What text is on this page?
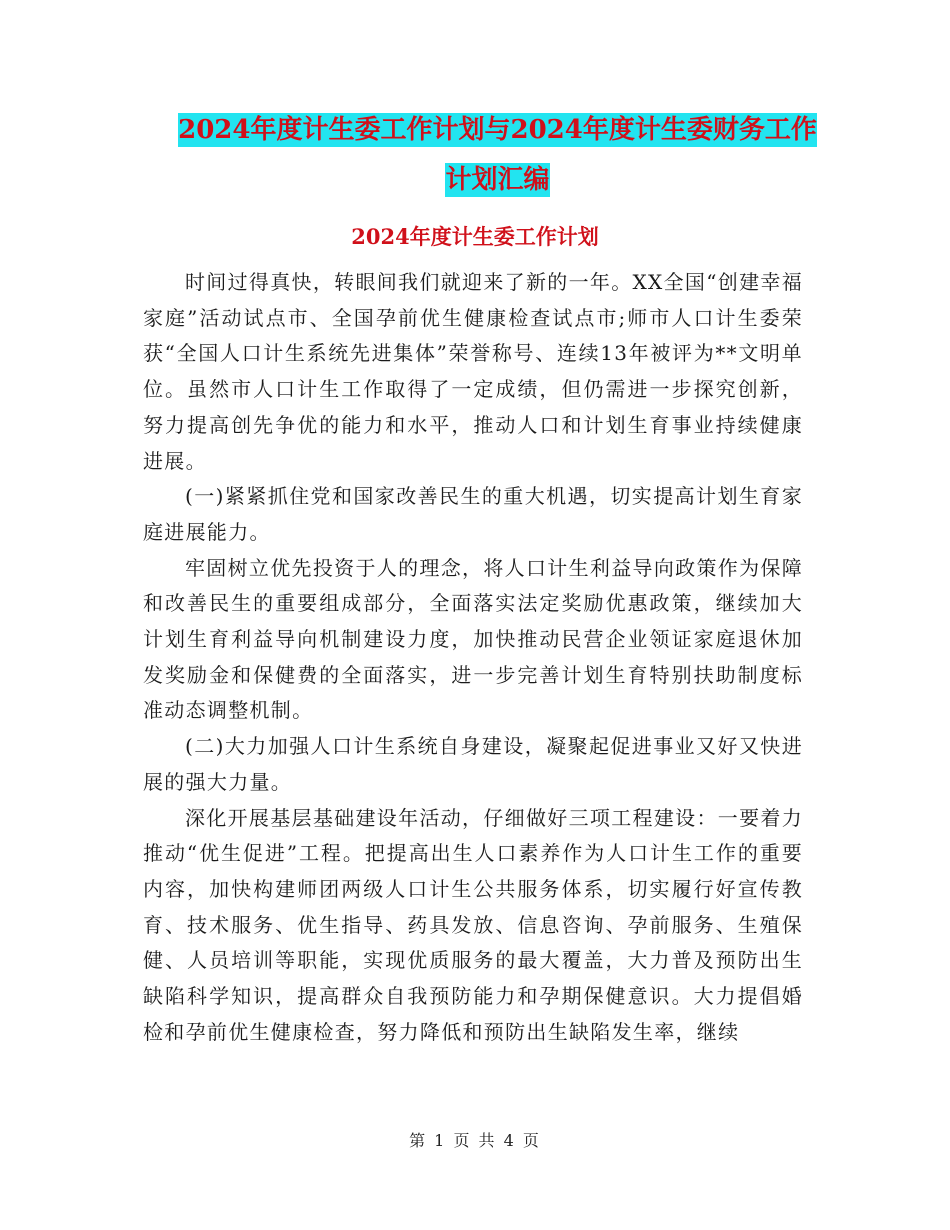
2024年度计生委工作计划与2024年度计生委财务工作
计划汇编
2024年度计生委工作计划

时间过得真快，转眼间我们就迎来了新的一年。XX全国“创建幸福家庭”活动试点市、全国孕前优生健康检查试点市;师市人口计生委荣获“全国人口计生系统先进集体”荣誉称号、连续13年被评为**文明单位。虽然市人口计生工作取得了一定成绩，但仍需进一步探究创新，努力提高创先争优的能力和水平，推动人口和计划生育事业持续健康进展。

(一)紧紧抓住党和国家改善民生的重大机遇，切实提高计划生育家庭进展能力。

牢固树立优先投资于人的理念，将人口计生利益导向政策作为保障和改善民生的重要组成部分，全面落实法定奖励优惠政策，继续加大计划生育利益导向机制建设力度，加快推动民营企业领证家庭退休加发奖励金和保健费的全面落实，进一步完善计划生育特别扶助制度标准动态调整机制。

(二)大力加强人口计生系统自身建设，凝聚起促进事业又好又快进展的强大力量。

深化开展基层基础建设年活动，仔细做好三项工程建设：一要着力推动“优生促进”工程。把提高出生人口素养作为人口计生工作的重要内容，加快构建师团两级人口计生公共服务体系，切实履行好宣传教育、技术服务、优生指导、药具发放、信息咨询、孕前服务、生殖保健、人员培训等职能，实现优质服务的最大覆盖，大力普及预防出生缺陷科学知识，提高群众自我预防能力和孕期保健意识。大力提倡婚检和孕前优生健康检查，努力降低和预防出生缺陷发生率，继续

第 1 页 共 4 页
